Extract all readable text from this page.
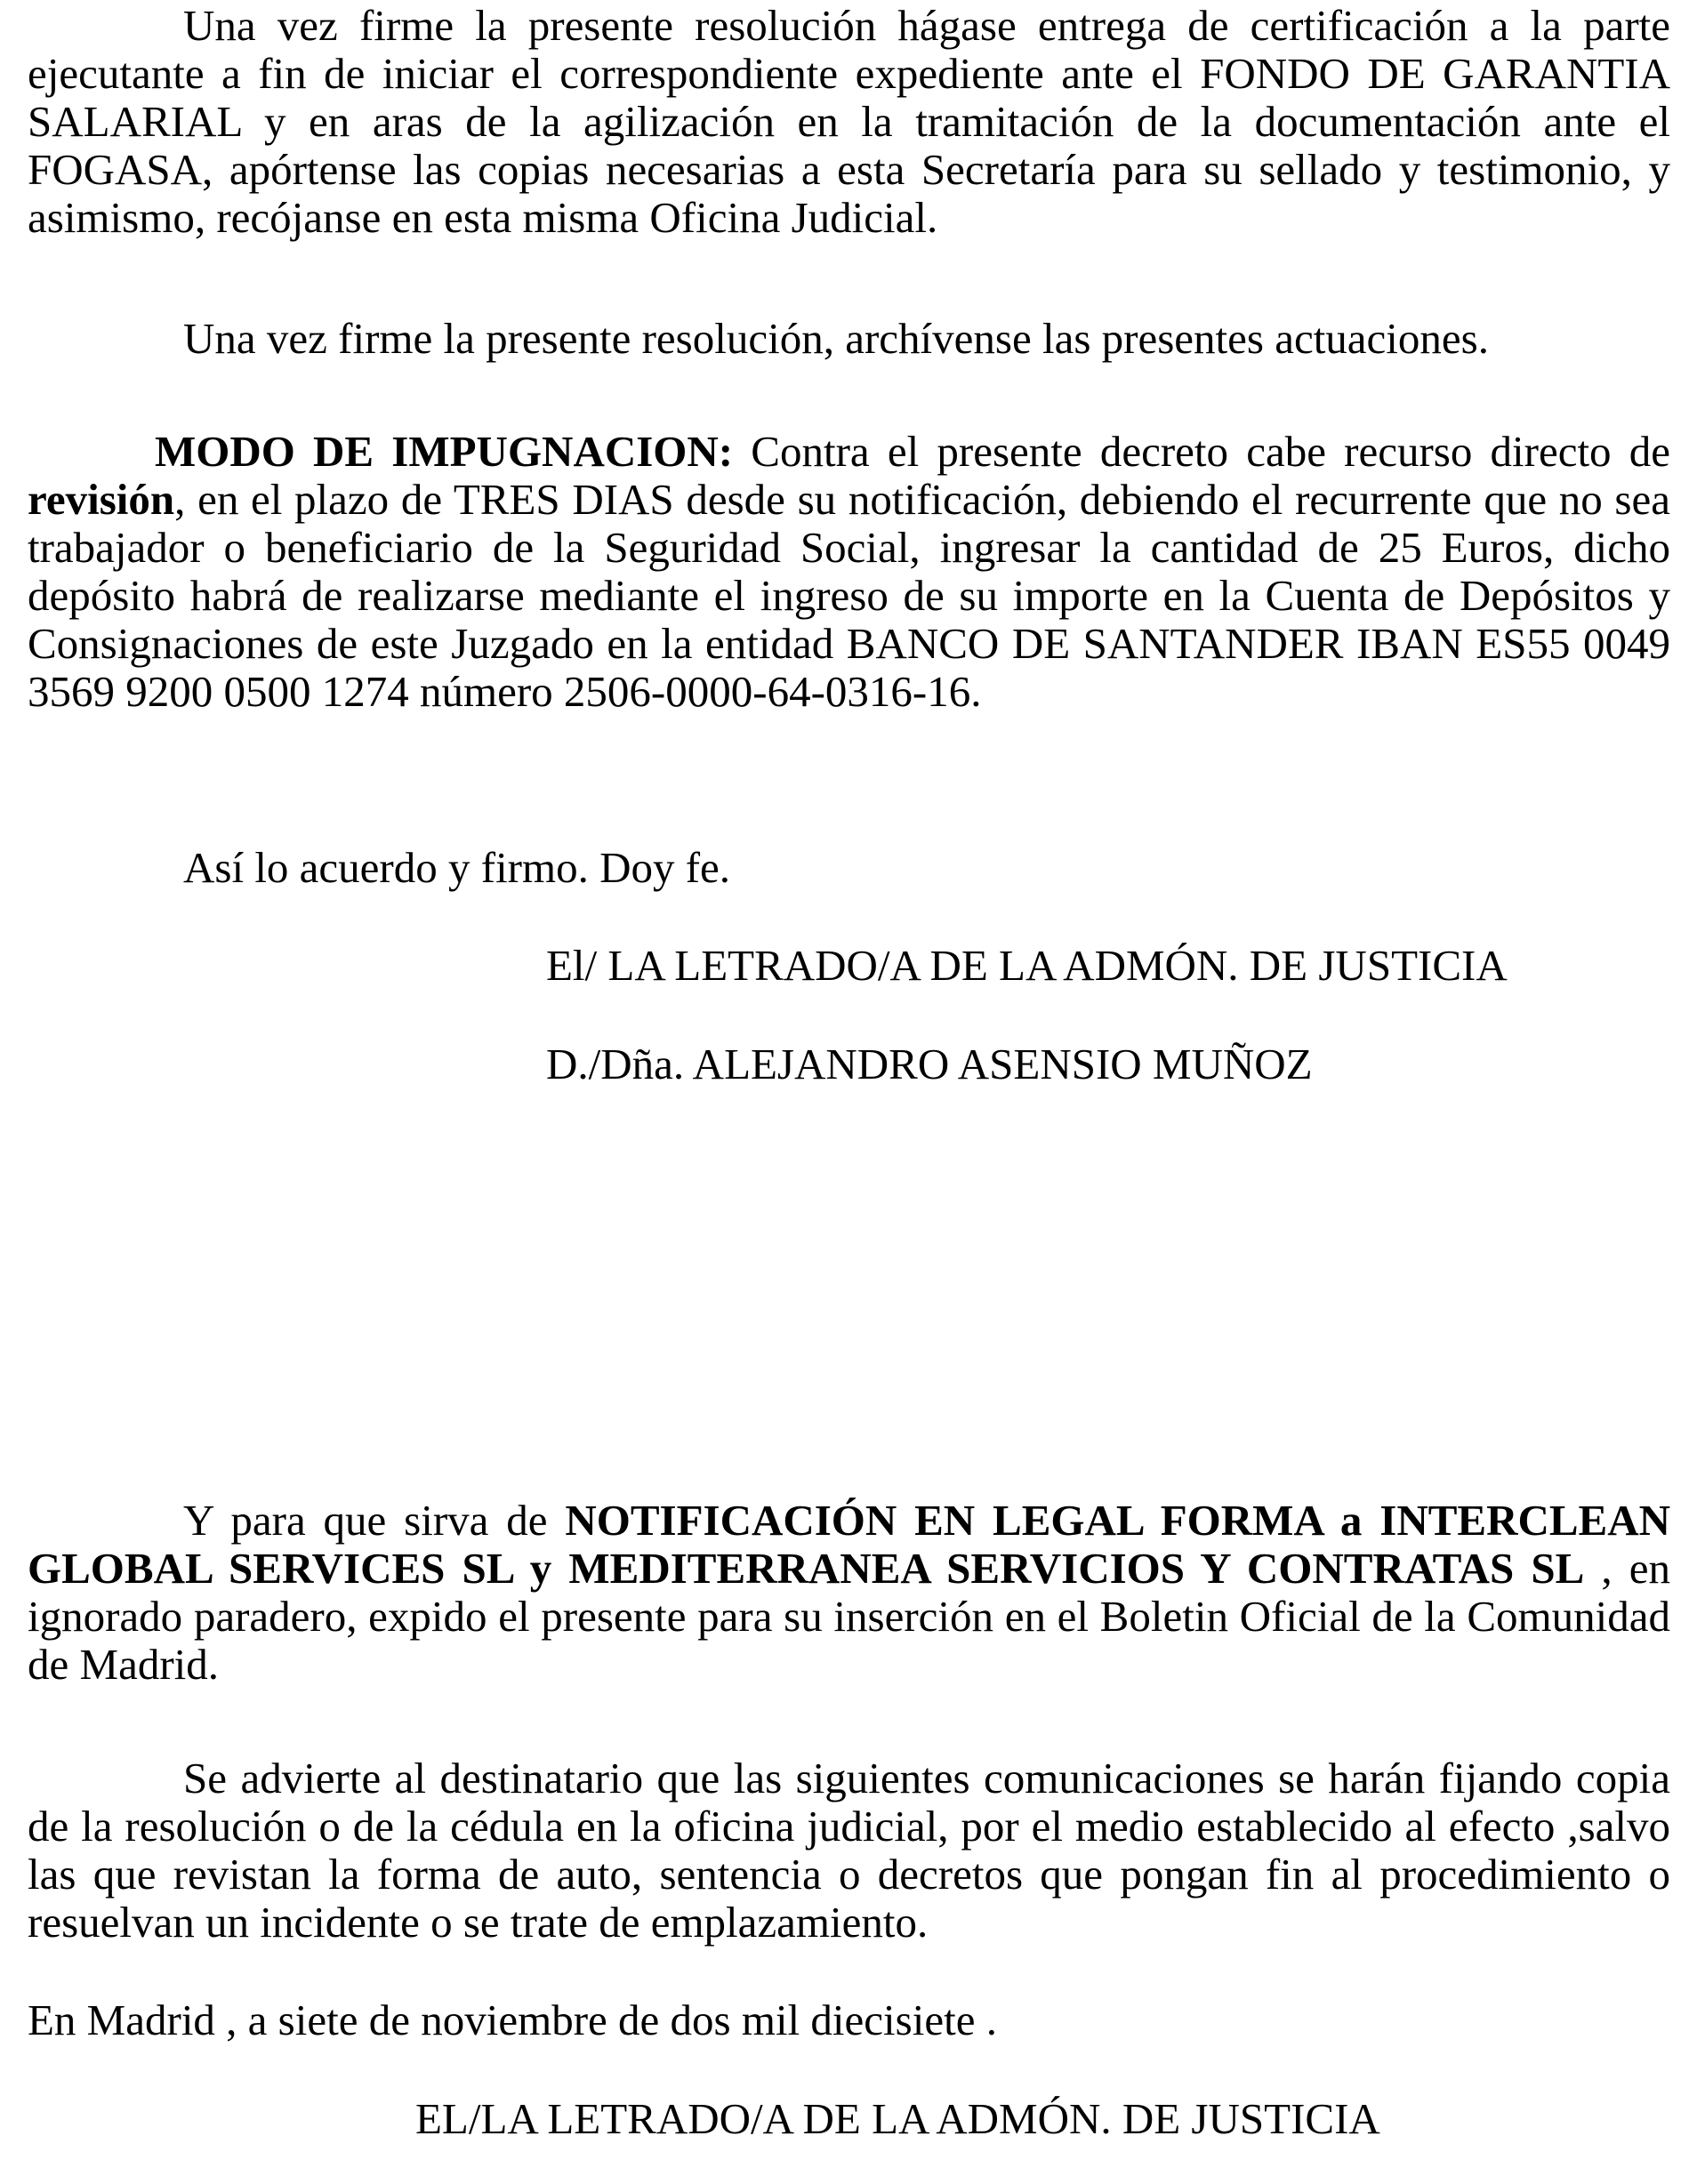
Una vez firme la presente resolución hágase entrega de certificación a la parte ejecutante a fin de iniciar el correspondiente expediente ante el FONDO DE GARANTIA SALARIAL y en aras de la agilización en la tramitación de la documentación ante el FOGASA, apórtense las copias necesarias a esta Secretaría para su sellado y testimonio, y asimismo, recójanse en esta misma Oficina Judicial.

Una vez firme la presente resolución, archívense las presentes actuaciones.

MODO DE IMPUGNACION: Contra el presente decreto cabe recurso directo de revisión, en el plazo de TRES DIAS desde su notificación, debiendo el recurrente que no sea trabajador o beneficiario de la Seguridad Social, ingresar la cantidad de 25 Euros, dicho depósito habrá de realizarse mediante el ingreso de su importe en la Cuenta de Depósitos y Consignaciones de este Juzgado en la entidad BANCO DE SANTANDER IBAN ES55 0049 3569 9200 0500 1274 número 2506-0000-64-0316-16.

Así lo acuerdo y firmo. Doy fe.

El/ LA LETRADO/A DE LA ADMÓN. DE JUSTICIA

D./Dña. ALEJANDRO ASENSIO MUÑOZ

Y para que sirva de NOTIFICACIÓN EN LEGAL FORMA a INTERCLEAN GLOBAL SERVICES SL y MEDITERRANEA SERVICIOS Y CONTRATAS SL , en ignorado paradero, expido el presente para su inserción en el Boletin Oficial de la Comunidad de Madrid.

Se advierte al destinatario que las siguientes comunicaciones se harán fijando copia de la resolución o de la cédula en la oficina judicial, por el medio establecido al efecto ,salvo las que revistan la forma de auto, sentencia o decretos que pongan fin al procedimiento o resuelvan un incidente o se trate de emplazamiento.

En Madrid , a siete de noviembre de dos mil diecisiete .

EL/LA LETRADO/A DE LA ADMÓN. DE JUSTICIA
